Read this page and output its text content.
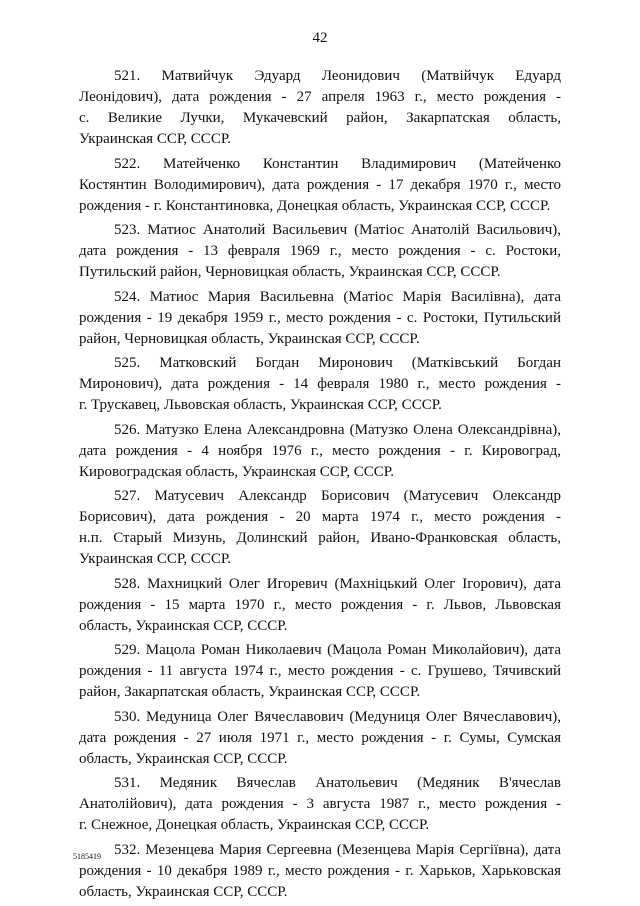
42
521. Матвийчук Эдуард Леонидович (Матвійчук Едуард
Леонідович), дата рождения - 27 апреля 1963 г., место рождения -
с. Великие Лучки, Мукачевский район, Закарпатская область,
Украинская ССР, СССР.
522. Матейченко Константин Владимирович (Матейченко
Костянтин Володимирович), дата рождения - 17 декабря 1970 г., место
рождения - г. Константиновка, Донецкая область, Украинская ССР, СССР.
523. Матиос Анатолий Васильевич (Матіос Анатолій Васильович),
дата рождения - 13 февраля 1969 г., место рождения - с. Ростоки,
Путильский район, Черновицкая область, Украинская ССР, СССР.
524. Матиос Мария Васильевна (Матіос Марія Василівна), дата
рождения - 19 декабря 1959 г., место рождения - с. Ростоки, Путильский
район, Черновицкая область, Украинская ССР, СССР.
525. Матковский Богдан Миронович (Матківський Богдан
Миронович), дата рождения - 14 февраля 1980 г., место рождения -
г. Трускавец, Львовская область, Украинская ССР, СССР.
526. Матузко Елена Александровна (Матузко Олена Олександрівна),
дата рождения - 4 ноября 1976 г., место рождения - г. Кировоград,
Кировоградская область, Украинская ССР, СССР.
527. Матусевич Александр Борисович (Матусевич Олександр
Борисович), дата рождения - 20 марта 1974 г., место рождения -
н.п. Старый Мизунь, Долинский район, Ивано-Франковская область,
Украинская ССР, СССР.
528. Махницкий Олег Игоревич (Махніцький Олег Ігорович), дата
рождения - 15 марта 1970 г., место рождения - г. Львов, Львовская
область, Украинская ССР, СССР.
529. Мацола Роман Николаевич (Мацола Роман Миколайович), дата
рождения - 11 августа 1974 г., место рождения - с. Грушево, Тячивский
район, Закарпатская область, Украинская ССР, СССР.
530. Медуница Олег Вячеславович (Медуниця Олег Вячеславович),
дата рождения - 27 июля 1971 г., место рождения - г. Сумы, Сумская
область, Украинская ССР, СССР.
531. Медяник Вячеслав Анатольевич (Медяник В'ячеслав
Анатолійович), дата рождения - 3 августа 1987 г., место рождения -
г. Снежное, Донецкая область, Украинская ССР, СССР.
532. Мезенцева Мария Сергеевна (Мезенцева Марія Сергіївна), дата
рождения - 10 декабря 1989 г., место рождения - г. Харьков, Харьковская
область, Украинская ССР, СССР.
5185419
